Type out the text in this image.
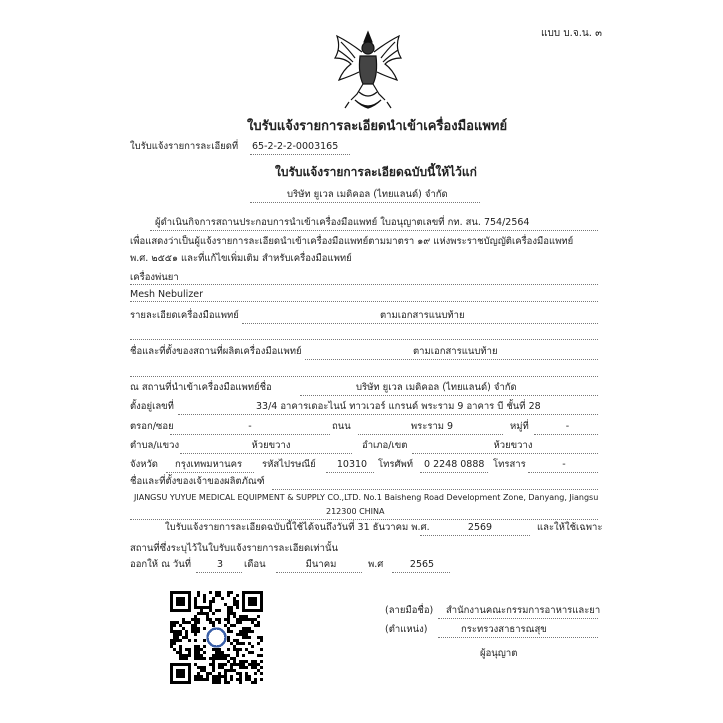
แบบ บ.จ.น. ๓
ใบรับแจ้งรายการละเอียดนำเข้าเครื่องมือแพทย์
ใบรับแจ้งรายการละเอียดที่ 65-2-2-2-0003165
ใบรับแจ้งรายการละเอียดฉบับนี้ให้ไว้แก่
บริษัท ยูเวล เมดิคอล (ไทยแลนด์) จำกัด
ผู้ดำเนินกิจการสถานประกอบการนำเข้าเครื่องมือแพทย์ ใบอนุญาตเลขที่ กท. สน. 754/2564
เพื่อแสดงว่าเป็นผู้แจ้งรายการละเอียดนำเข้าเครื่องมือแพทย์ตามมาตรา ๑๙ แห่งพระราชบัญญัติเครื่องมือแพทย์
พ.ศ. ๒๕๕๑ และที่แก้ไขเพิ่มเติม สำหรับเครื่องมือแพทย์
เครื่องพ่นยา
Mesh Nebulizer
รายละเอียดเครื่องมือแพทย์	ตามเอกสารแนบท้าย
ชื่อและที่ตั้งของสถานที่ผลิตเครื่องมือแพทย์	ตามเอกสารแนบท้าย
ณ สถานที่นำเข้าเครื่องมือแพทย์ชื่อ	บริษัท ยูเวล เมดิคอล (ไทยแลนด์) จำกัด
ตั้งอยู่เลขที่	33/4 อาคารเดอะไนน์ ทาวเวอร์ แกรนด์ พระราม 9 อาคาร บี ชั้นที่ 28
ตรอก/ซอย	-	ถนน	พระราม 9	หมู่ที่	-
ตำบล/แขวง	ห้วยขวาง	อำเภอ/เขต	ห้วยขวาง
จังหวัด กรุงเทพมหานคร รหัสไปรษณีย์	10310	โทรศัพท์ 0 2248 0888 โทรสาร	-
ชื่อและที่ตั้งของเจ้าของผลิตภัณฑ์
JIANGSU YUYUE MEDICAL EQUIPMENT & SUPPLY CO.,LTD. No.1 Baisheng Road Development Zone, Danyang, Jiangsu
212300 CHINA
ใบรับแจ้งรายการละเอียดฉบับนี้ใช้ได้จนถึงวันที่ 31 ธันวาคม พ.ศ.	2569	และให้ใช้เฉพาะ
สถานที่ซึ่งระบุไว้ในใบรับแจ้งรายการละเอียดเท่านั้น
ออกให้ ณ วันที่	3	เดือน	มีนาคม	พ.ศ	2565
(ลายมือชื่อ) สำนักงานคณะกรรมการอาหารและยา
(ตำแหน่ง)	กระทรวงสาธารณสุข
ผู้อนุญาต
